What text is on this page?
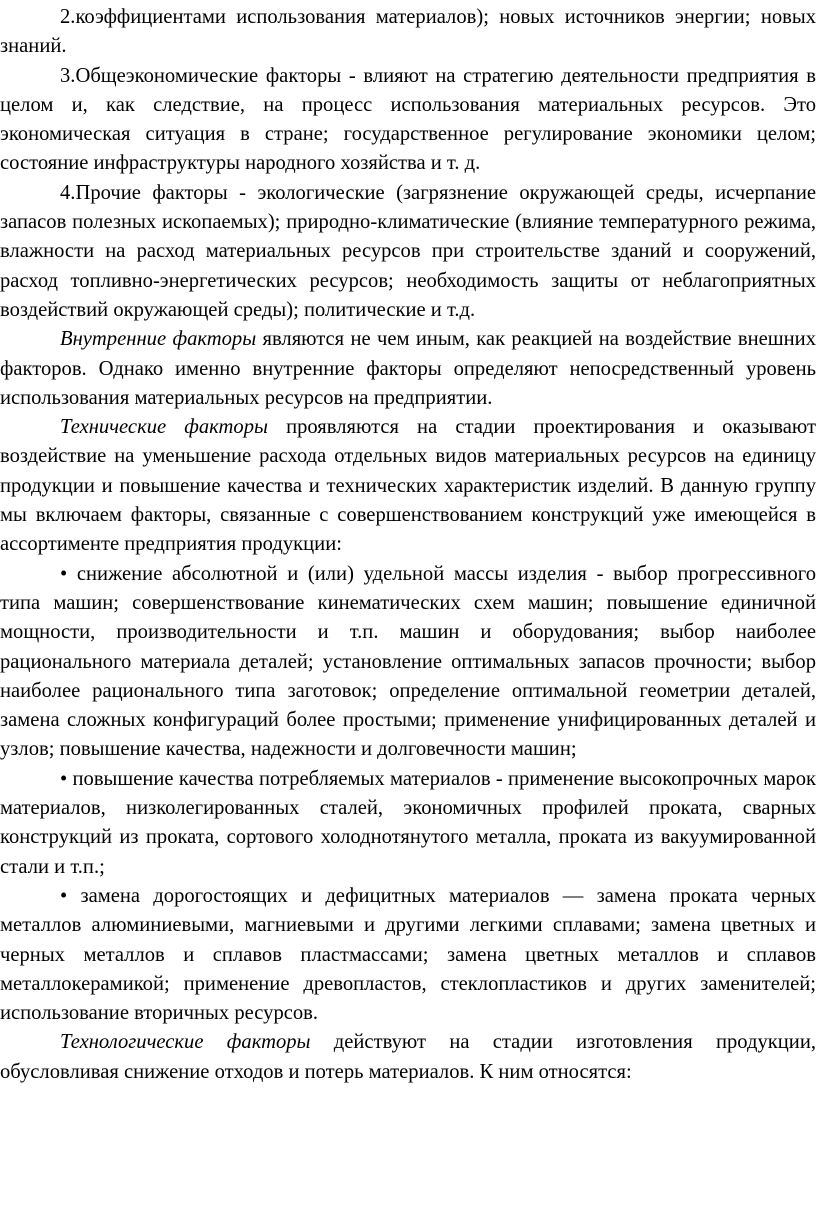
2.коэффициентами использования материалов); новых источников энергии; новых знаний.

3.Общеэкономические факторы - влияют на стратегию деятельности предприятия в целом и, как следствие, на процесс использования материальных ресурсов. Это экономическая ситуация в стране; государственное регулирование экономики целом; состояние инфраструктуры народного хозяйства и т. д.

4.Прочие факторы - экологические (загрязнение окружающей среды, исчерпание запасов полезных ископаемых); природно-климатические (влияние температурного режима, влажности на расход материальных ресурсов при строительстве зданий и сооружений, расход топливно-энергетических ресурсов; необходимость защиты от неблагоприятных воздействий окружающей среды); политические и т.д.

Внутренние факторы являются не чем иным, как реакцией на воздействие внешних факторов. Однако именно внутренние факторы определяют непосредственный уровень использования материальных ресурсов на предприятии.

Технические факторы проявляются на стадии проектирования и оказывают воздействие на уменьшение расхода отдельных видов материальных ресурсов на единицу продукции и повышение качества и технических характеристик изделий. В данную группу мы включаем факторы, связанные с совершенствованием конструкций уже имеющейся в ассортименте предприятия продукции:

• снижение абсолютной и (или) удельной массы изделия - выбор прогрессивного типа машин; совершенствование кинематических схем машин; повышение единичной мощности, производительности и т.п. машин и оборудования; выбор наиболее рационального материала деталей; установление оптимальных запасов прочности; выбор наиболее рационального типа заготовок; определение оптимальной геометрии деталей, замена сложных конфигураций более простыми; применение унифицированных деталей и узлов; повышение качества, надежности и долговечности машин;

• повышение качества потребляемых материалов - применение высокопрочных марок материалов, низколегированных сталей, экономичных профилей проката, сварных конструкций из проката, сортового холоднотянутого металла, проката из вакуумированной стали и т.п.;

• замена дорогостоящих и дефицитных материалов — замена проката черных металлов алюминиевыми, магниевыми и другими легкими сплавами; замена цветных и черных металлов и сплавов пластмассами; замена цветных металлов и сплавов металлокерамикой; применение древопластов, стеклопластиков и других заменителей; использование вторичных ресурсов.

Технологические факторы действуют на стадии изготовления продукции, обусловливая снижение отходов и потерь материалов. К ним относятся:
